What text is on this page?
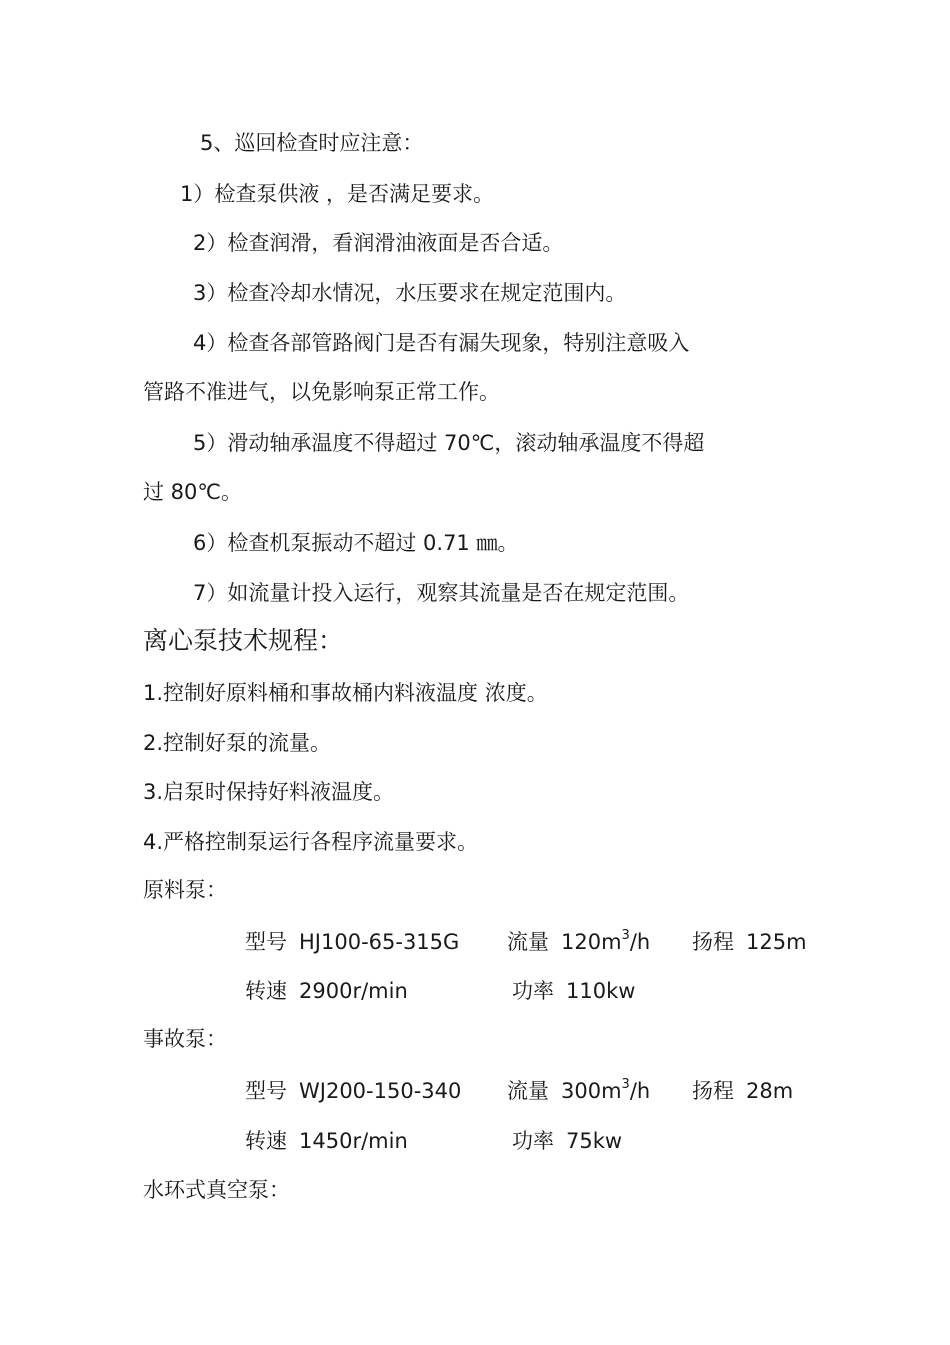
5、巡回检查时应注意：
1）检查泵供液 ，是否满足要求。
2）检查润滑，看润滑油液面是否合适。
3）检查冷却水情况，水压要求在规定范围内。
4）检查各部管路阀门是否有漏失现象，特别注意吸入
管路不准进气，以免影响泵正常工作。
5）滑动轴承温度不得超过 70℃，滚动轴承温度不得超
过 80℃。
6）检查机泵振动不超过 0.71 ㎜。
7）如流量计投入运行，观察其流量是否在规定范围。
离心泵技术规程：
1.控制好原料桶和事故桶内料液温度 浓度。
2.控制好泵的流量。
3.启泵时保持好料液温度。
4.严格控制泵运行各程序流量要求。
原料泵：
型号 HJ100-65-315G 流量 $120m^3/h$ 扬程 125m
转速 2900r/min	功率 110kw
事故泵：
型号 WJ200-150-340 流量 $300m^3/h$ 扬程 28m
转速 1450r/min	功率 75kw
水环式真空泵：
